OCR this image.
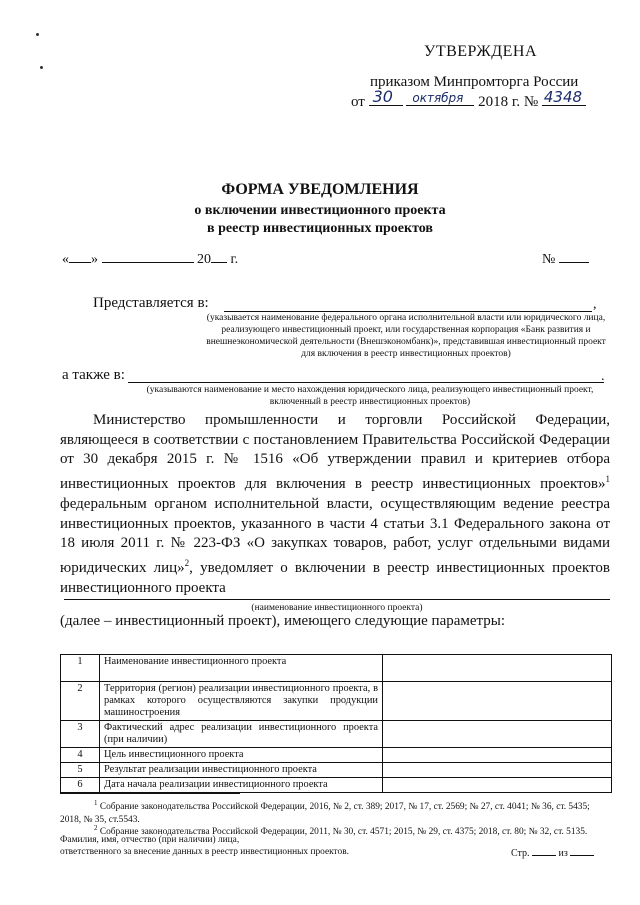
УТВЕРЖДЕНА
приказом Минпромторга России
от 30
октября 2018 г. № 4348
ФОРМА УВЕДОМЛЕНИЯ
о включении инвестиционного проекта
в реестр инвестиционных проектов
« »	20 г.	№
Представляется в:	,
(указывается наименование федерального органа исполнительной власти или юридического лица, реализующего инвестиционный проект, или государственная корпорация «Банк развития и внешнеэкономической деятельности (Внешэкономбанк)», представившая инвестиционный проект для включения в реестр инвестиционных проектов)
а также в:	.
(указываются наименование и место нахождения юридического лица, реализующего инвестиционный проект, включенный в реестр инвестиционных проектов)
Министерство промышленности и торговли Российской Федерации, являющееся в соответствии с постановлением Правительства Российской Федерации от 30 декабря 2015 г. № 1516 «Об утверждении правил и критериев отбора инвестиционных проектов для включения в реестр инвестиционных проектов»$^1$ федеральным органом исполнительной власти, осуществляющим ведение реестра инвестиционных проектов, указанного в части 4 статьи 3.1 Федерального закона от 18 июля 2011 г. № 223-ФЗ «О закупках товаров, работ, услуг отдельными видами юридических лиц»$^2$, уведомляет о включении в реестр инвестиционных проектов инвестиционного проекта
(наименование инвестиционного проекта)
(далее – инвестиционный проект), имеющего следующие параметры:
1	Наименование инвестиционного проекта	
2	Территория (регион) реализации инвестиционного проекта, в рамках которого осуществляются закупки продукции машиностроения	
3	Фактический адрес реализации инвестиционного проекта (при наличии)	
4	Цель инвестиционного проекта	
5	Результат реализации инвестиционного проекта	
6	Дата начала реализации инвестиционного проекта	
$^1$ Собрание законодательства Российской Федерации, 2016, № 2, ст. 389; 2017, № 17, ст. 2569; № 27, ст. 4041; № 36, ст. 5435; 2018, № 35, ст.5543.
$^2$ Собрание законодательства Российской Федерации, 2011, № 30, ст. 4571; 2015, № 29, ст. 4375; 2018, ст. 80; № 32, ст. 5135.
Фамилия, имя, отчество (при наличии) лица,
ответственного за внесение данных в реестр инвестиционных проектов.	Стр.	из
